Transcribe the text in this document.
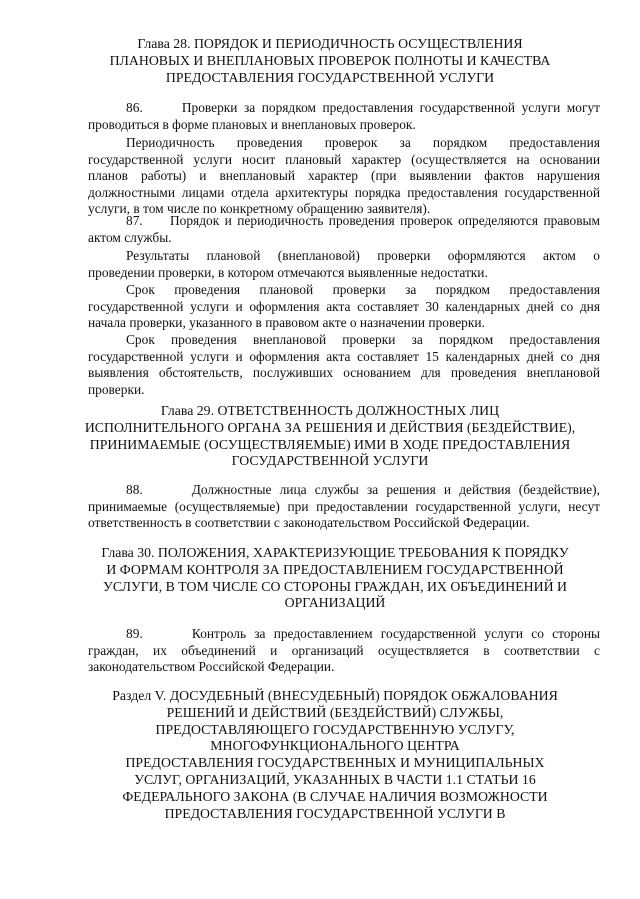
Глава 28. ПОРЯДОК И ПЕРИОДИЧНОСТЬ ОСУЩЕСТВЛЕНИЯ
ПЛАНОВЫХ И ВНЕПЛАНОВЫХ ПРОВЕРОК ПОЛНОТЫ И КАЧЕСТВА
ПРЕДОСТАВЛЕНИЯ ГОСУДАРСТВЕННОЙ УСЛУГИ
86.      Проверки за порядком предоставления государственной услуги могут
проводиться в форме плановых и внеплановых проверок.
Периодичность    проведения    проверок    за    порядком    предоставления
государственной услуги носит плановый характер (осуществляется на основании
планов работы) и внеплановый характер (при выявлении фактов нарушения
должностными лицами отдела архитектуры порядка предоставления государственной
услуги, в том числе по конкретному обращению заявителя).
87.     Порядок и периодичность проведения проверок определяются правовым
актом службы.
Результаты    плановой    (внеплановой)    проверки    оформляются    актом    о
проведении проверки, в котором отмечаются выявленные недостатки.
Срок    проведения    плановой    проверки    за    порядком    предоставления
государственной услуги и оформления акта составляет 30 календарных дней со дня
начала проверки, указанного в правовом акте о назначении проверки.
Срок   проведения   внеплановой   проверки   за   порядком   предоставления
государственной услуги и оформления акта составляет 15 календарных дней со дня
выявления обстоятельств, послуживших основанием для проведения внеплановой
проверки.
Глава 29. ОТВЕТСТВЕННОСТЬ ДОЛЖНОСТНЫХ ЛИЦ
ИСПОЛНИТЕЛЬНОГО ОРГАНА ЗА РЕШЕНИЯ И ДЕЙСТВИЯ (БЕЗДЕЙСТВИЕ),
ПРИНИМАЕМЫЕ (ОСУЩЕСТВЛЯЕМЫЕ) ИМИ В ХОДЕ ПРЕДОСТАВЛЕНИЯ
ГОСУДАРСТВЕННОЙ УСЛУГИ
88.      Должностные лица службы за решения и действия (бездействие),
принимаемые (осуществляемые) при предоставлении государственной услуги, несут
ответственность в соответствии с законодательством Российской Федерации.
Глава 30. ПОЛОЖЕНИЯ, ХАРАКТЕРИЗУЮЩИЕ ТРЕБОВАНИЯ К ПОРЯДКУ
И ФОРМАМ КОНТРОЛЯ ЗА ПРЕДОСТАВЛЕНИЕМ ГОСУДАРСТВЕННОЙ
УСЛУГИ, В ТОМ ЧИСЛЕ СО СТОРОНЫ ГРАЖДАН, ИХ ОБЪЕДИНЕНИЙ И
ОРГАНИЗАЦИЙ
89.      Контроль за предоставлением государственной услуги со стороны
граждан,   их   объединений   и   организаций   осуществляется   в   соответствии   с
законодательством Российской Федерации.
Раздел V. ДОСУДЕБНЫЙ (ВНЕСУДЕБНЫЙ) ПОРЯДОК ОБЖАЛОВАНИЯ
РЕШЕНИЙ И ДЕЙСТВИЙ (БЕЗДЕЙСТВИЙ) СЛУЖБЫ,
ПРЕДОСТАВЛЯЮЩЕГО ГОСУДАРСТВЕННУЮ УСЛУГУ,
МНОГОФУНКЦИОНАЛЬНОГО ЦЕНТРА
ПРЕДОСТАВЛЕНИЯ ГОСУДАРСТВЕННЫХ И МУНИЦИПАЛЬНЫХ
УСЛУГ, ОРГАНИЗАЦИЙ, УКАЗАННЫХ В ЧАСТИ 1.1 СТАТЬИ 16
ФЕДЕРАЛЬНОГО ЗАКОНА (В СЛУЧАЕ НАЛИЧИЯ ВОЗМОЖНОСТИ
ПРЕДОСТАВЛЕНИЯ ГОСУДАРСТВЕННОЙ УСЛУГИ В
